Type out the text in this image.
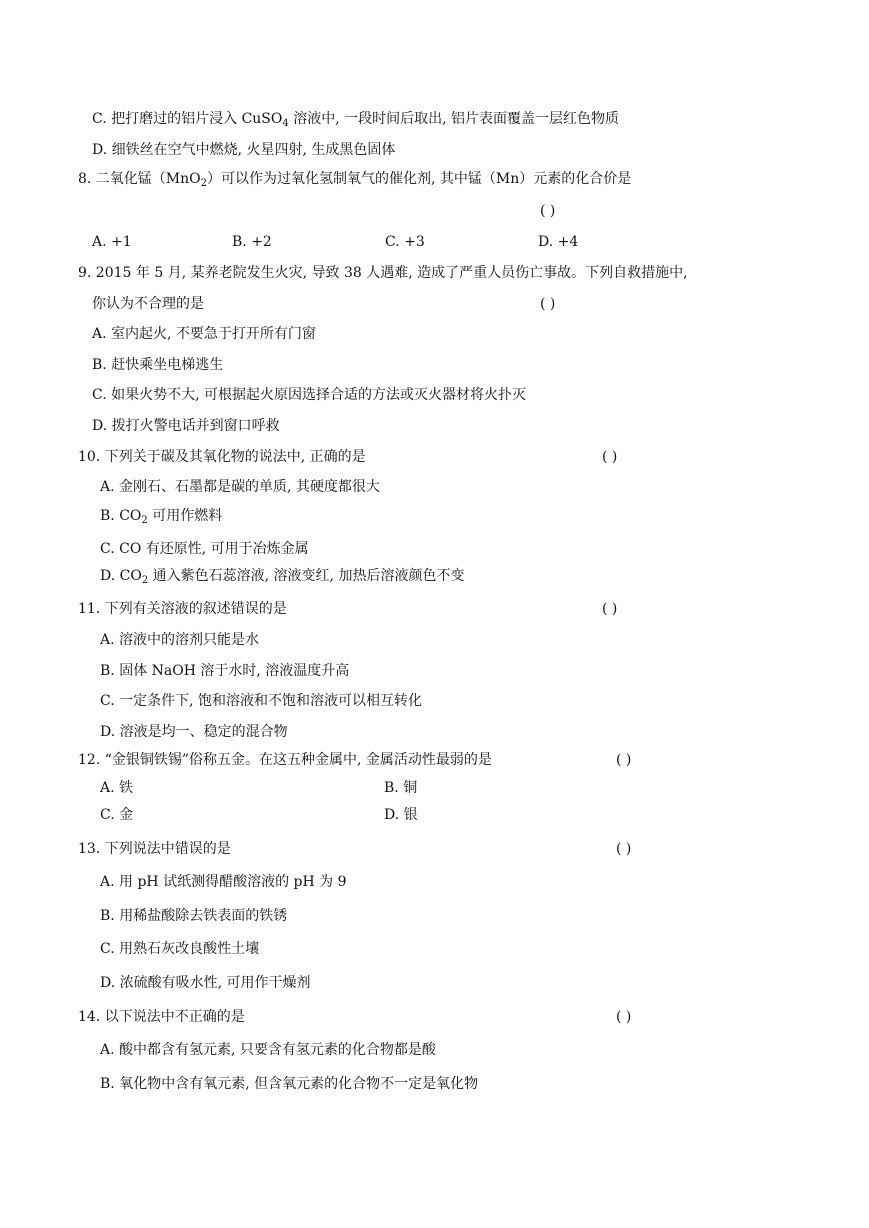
C. 把打磨过的铝片浸入 CuSO$_4$ 溶液中, 一段时间后取出, 铝片表面覆盖一层红色物质
D. 细铁丝在空气中燃烧, 火星四射, 生成黑色固体
8. 二氧化锰（MnO$_2$）可以作为过氧化氢制氧气的催化剂, 其中锰（Mn）元素的化合价是
( )
A. +1	B. +2	C. +3	D. +4
9. 2015 年 5 月, 某养老院发生火灾, 导致 38 人遇难, 造成了严重人员伤亡事故。下列自救措施中,
你认为不合理的是	( )
A. 室内起火, 不要急于打开所有门窗
B. 赶快乘坐电梯逃生
C. 如果火势不大, 可根据起火原因选择合适的方法或灭火器材将火扑灭
D. 拨打火警电话并到窗口呼救
10. 下列关于碳及其氧化物的说法中, 正确的是	( )
A. 金刚石、石墨都是碳的单质, 其硬度都很大
B. $CO_2$ 可用作燃料
C. CO 有还原性, 可用于冶炼金属
D. $CO_2$ 通入紫色石蕊溶液, 溶液变红, 加热后溶液颜色不变
11. 下列有关溶液的叙述错误的是	( )
A. 溶液中的溶剂只能是水
B. 固体 NaOH 溶于水时, 溶液温度升高
C. 一定条件下, 饱和溶液和不饱和溶液可以相互转化
D. 溶液是均一、稳定的混合物
12. “金银铜铁锡”俗称五金。在这五种金属中, 金属活动性最弱的是	( )
A. 铁	B. 铜
C. 金	D. 银
13. 下列说法中错误的是	( )
A. 用 pH 试纸测得醋酸溶液的 pH 为 9
B. 用稀盐酸除去铁表面的铁锈
C. 用熟石灰改良酸性土壤
D. 浓硫酸有吸水性, 可用作干燥剂
14. 以下说法中不正确的是	( )
A. 酸中都含有氢元素, 只要含有氢元素的化合物都是酸
B. 氧化物中含有氧元素, 但含氧元素的化合物不一定是氧化物
